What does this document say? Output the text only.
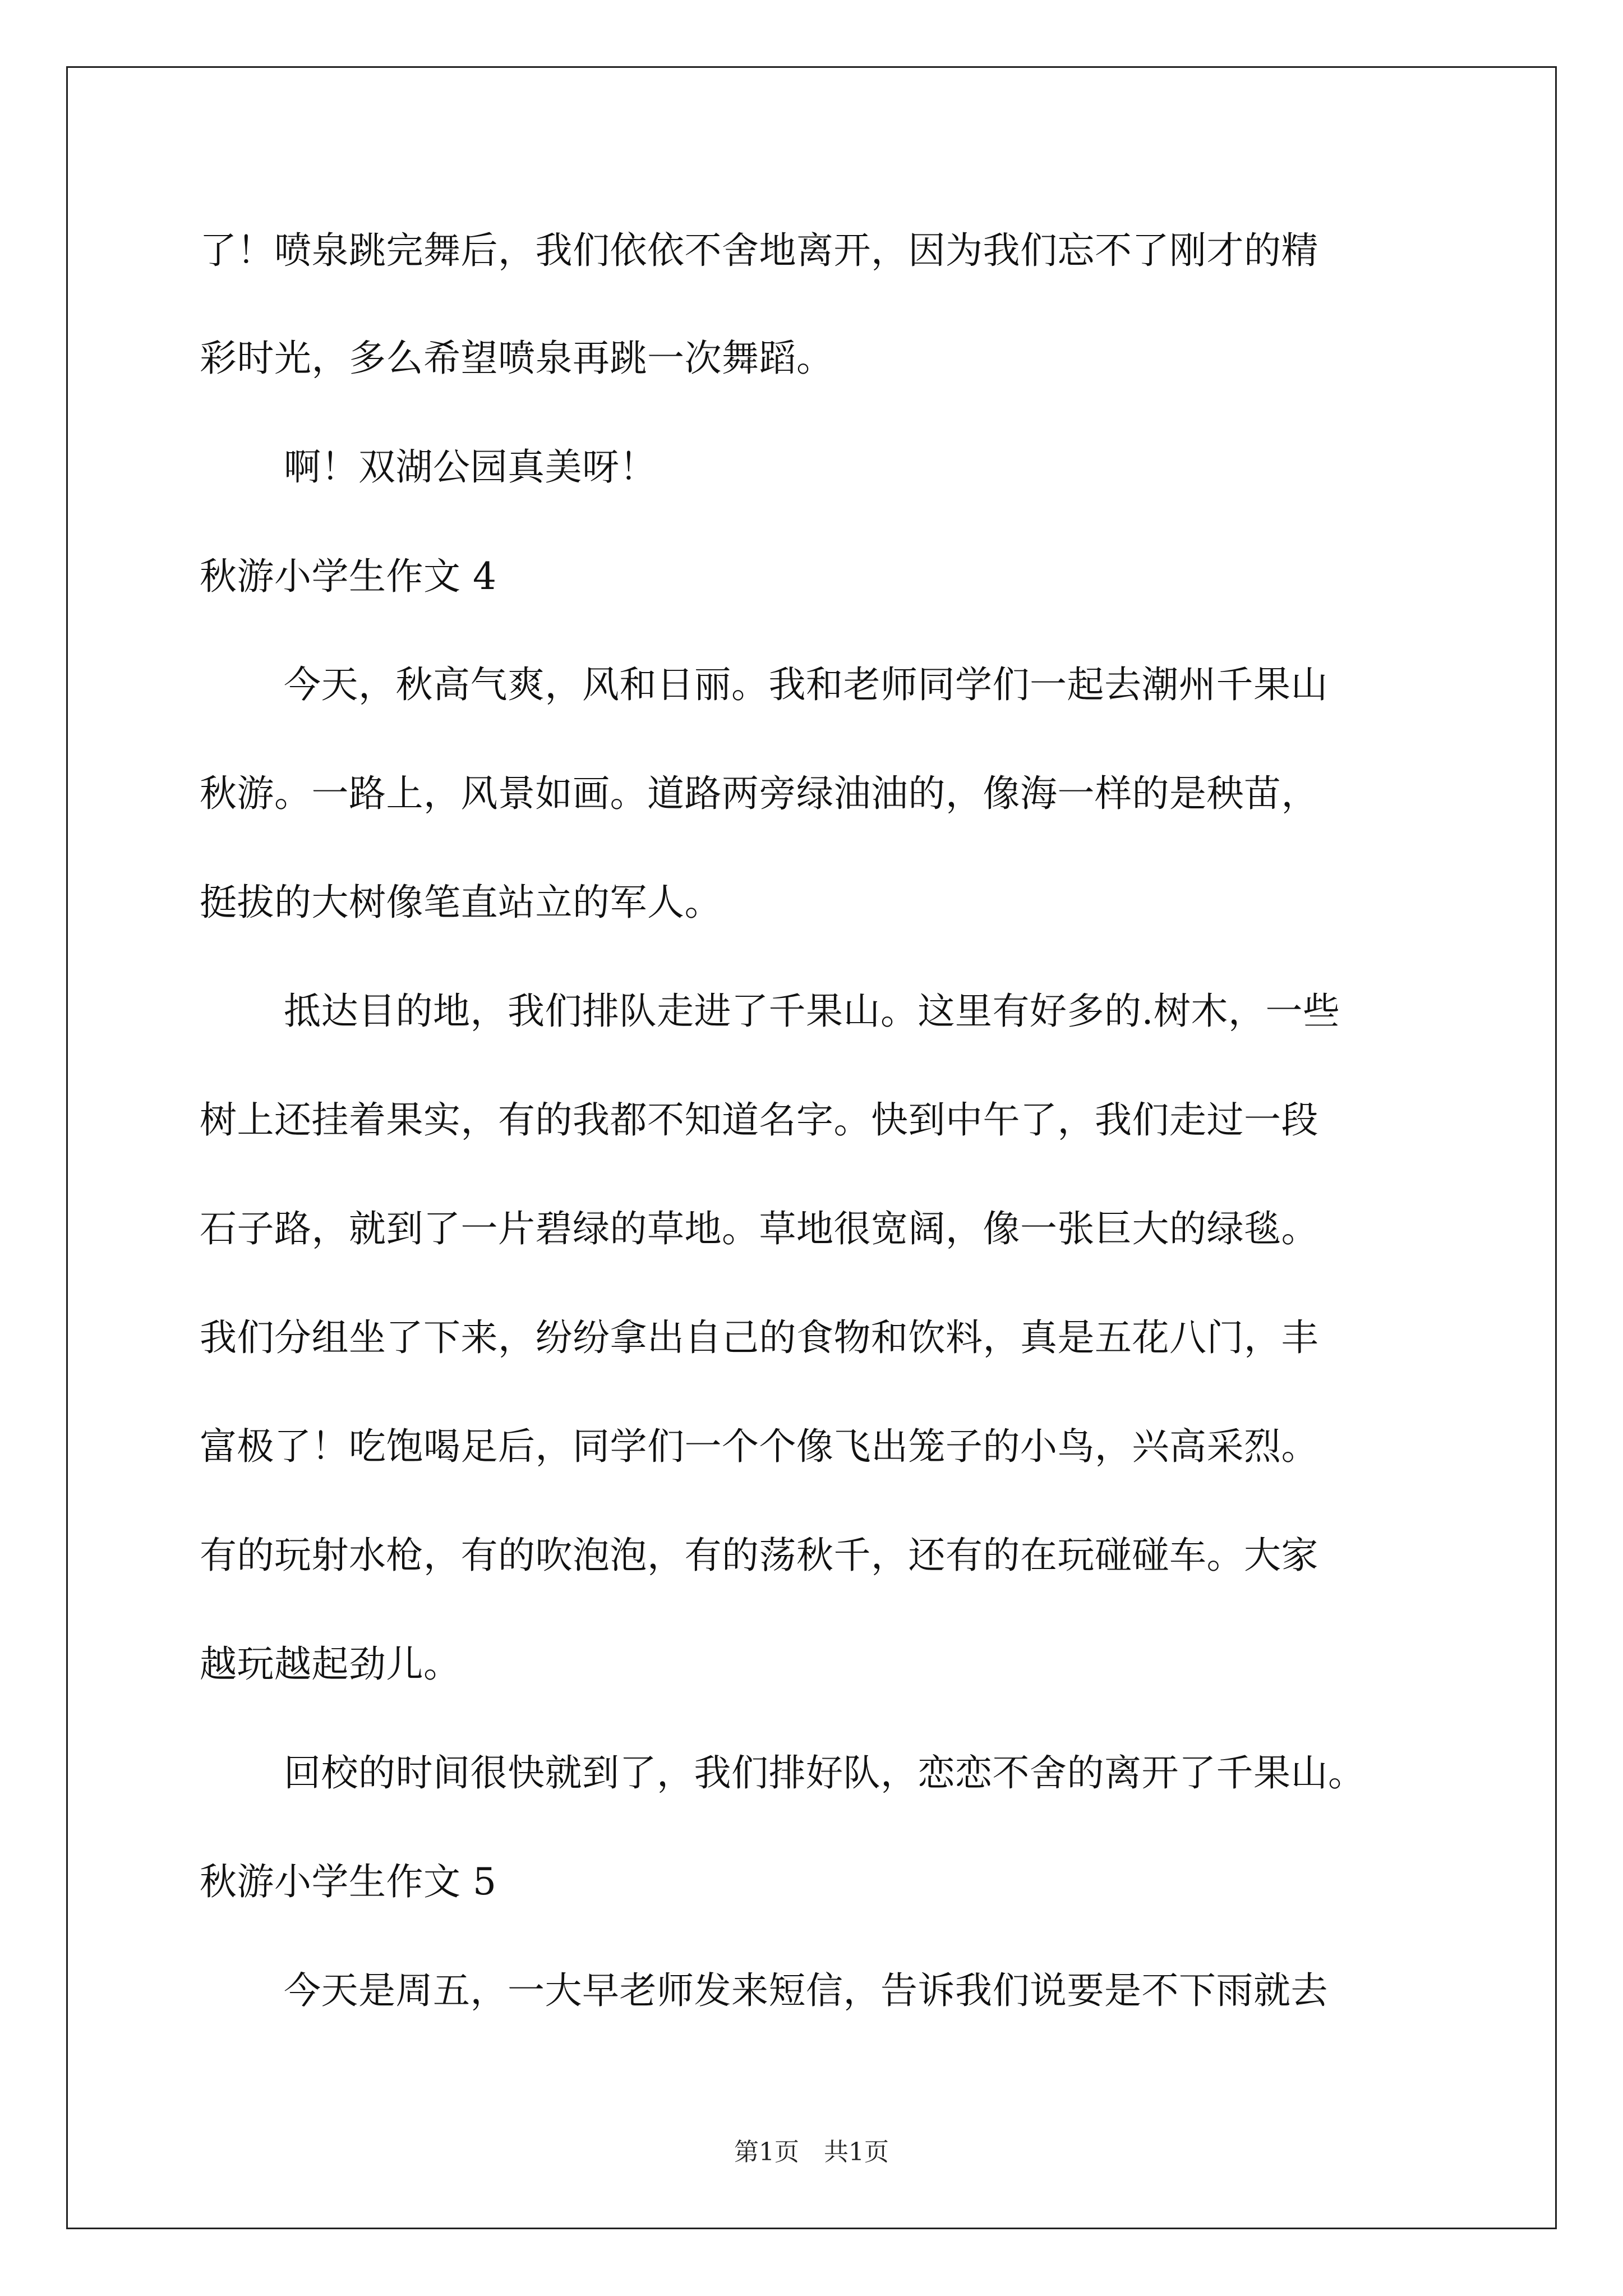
了！喷泉跳完舞后，我们依依不舍地离开，因为我们忘不了刚才的精

彩时光，多么希望喷泉再跳一次舞蹈。

啊！双湖公园真美呀！

秋游小学生作文 4

今天，秋高气爽，风和日丽。我和老师同学们一起去潮州千果山

秋游。一路上，风景如画。道路两旁绿油油的，像海一样的是秧苗，

挺拔的大树像笔直站立的军人。

抵达目的地，我们排队走进了千果山。这里有好多的.树木，一些

树上还挂着果实，有的我都不知道名字。快到中午了，我们走过一段

石子路，就到了一片碧绿的草地。草地很宽阔，像一张巨大的绿毯。

我们分组坐了下来，纷纷拿出自己的食物和饮料，真是五花八门，丰

富极了！吃饱喝足后，同学们一个个像飞出笼子的小鸟，兴高采烈。

有的玩射水枪，有的吹泡泡，有的荡秋千，还有的在玩碰碰车。大家

越玩越起劲儿。

回校的时间很快就到了，我们排好队，恋恋不舍的离开了千果山。

秋游小学生作文 5

今天是周五，一大早老师发来短信，告诉我们说要是不下雨就去

第1页　共1页
